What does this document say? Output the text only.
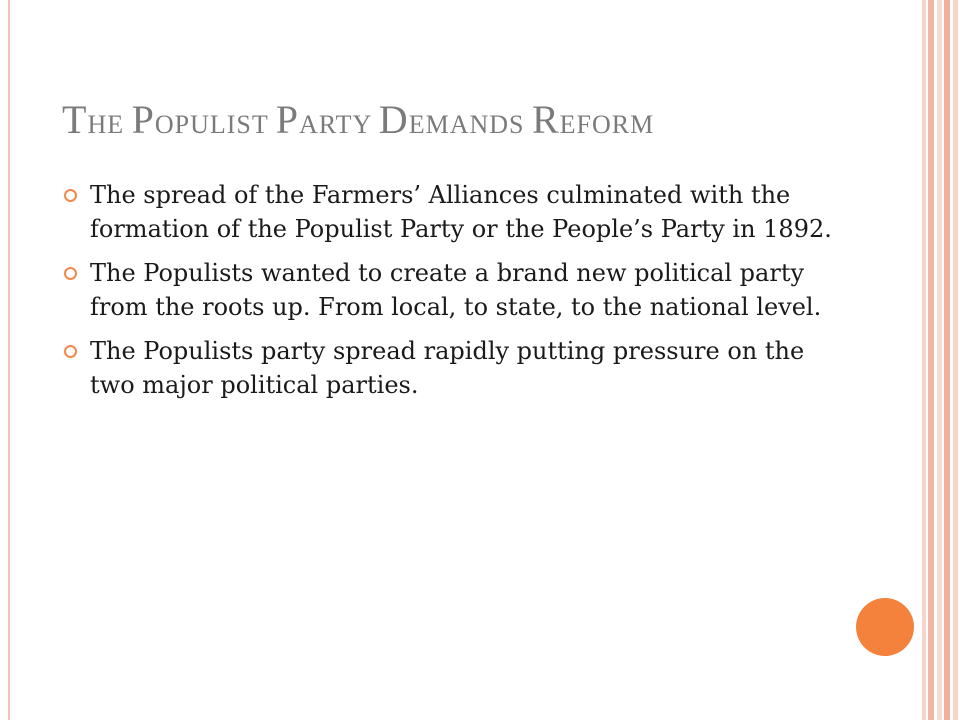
THE POPULIST PARTY DEMANDS REFORM
The spread of the Farmers’ Alliances culminated with the formation of the Populist Party or the People’s Party in 1892.
The Populists wanted to create a brand new political party from the roots up. From local, to state, to the national level.
The Populists party spread rapidly putting pressure on the two major political parties.
